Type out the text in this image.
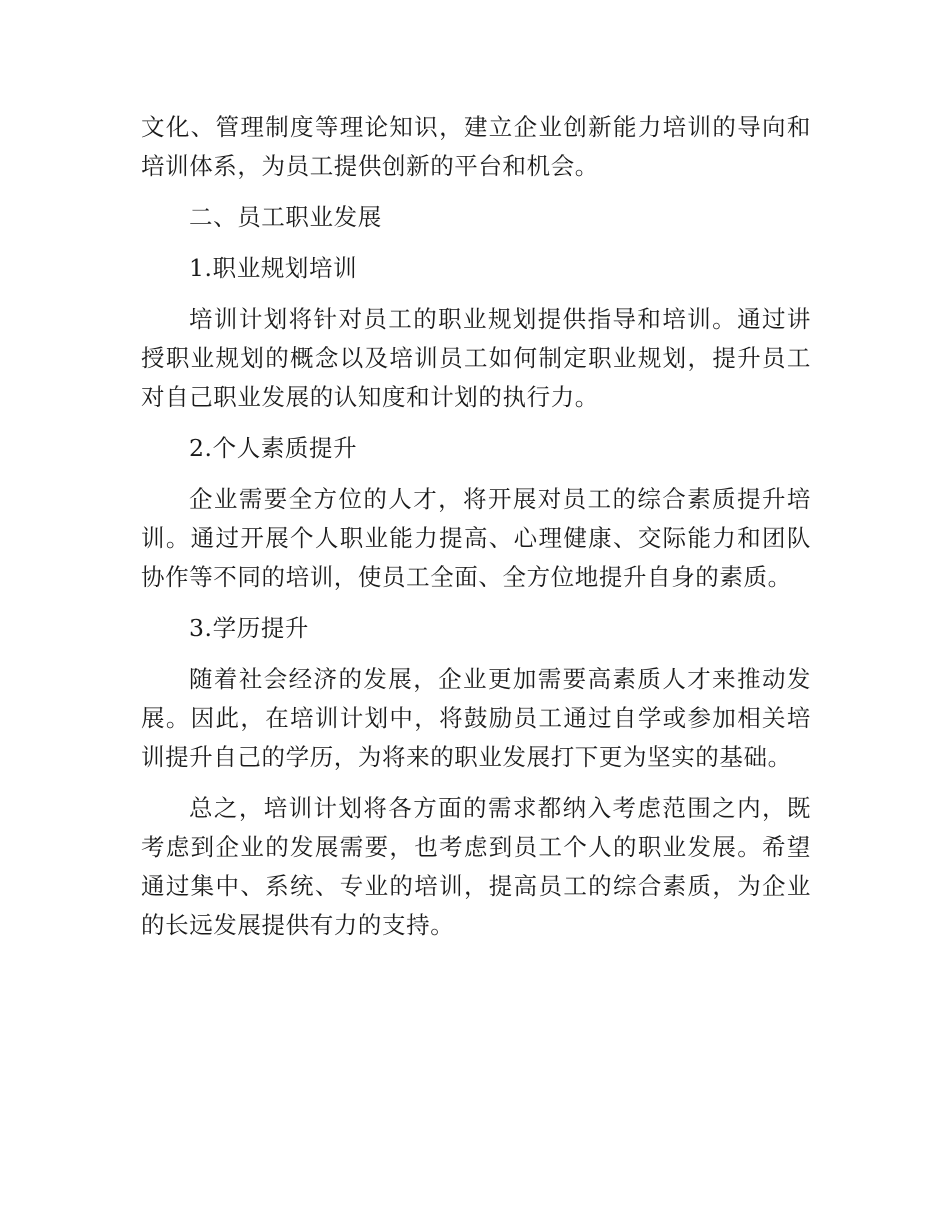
文化、管理制度等理论知识，建立企业创新能力培训的导向和培训体系，为员工提供创新的平台和机会。

二、员工职业发展

1.职业规划培训

培训计划将针对员工的职业规划提供指导和培训。通过讲授职业规划的概念以及培训员工如何制定职业规划，提升员工对自己职业发展的认知度和计划的执行力。

2.个人素质提升

企业需要全方位的人才，将开展对员工的综合素质提升培训。通过开展个人职业能力提高、心理健康、交际能力和团队协作等不同的培训，使员工全面、全方位地提升自身的素质。

3.学历提升

随着社会经济的发展，企业更加需要高素质人才来推动发展。因此，在培训计划中，将鼓励员工通过自学或参加相关培训提升自己的学历，为将来的职业发展打下更为坚实的基础。

总之，培训计划将各方面的需求都纳入考虑范围之内，既考虑到企业的发展需要，也考虑到员工个人的职业发展。希望通过集中、系统、专业的培训，提高员工的综合素质，为企业的长远发展提供有力的支持。
